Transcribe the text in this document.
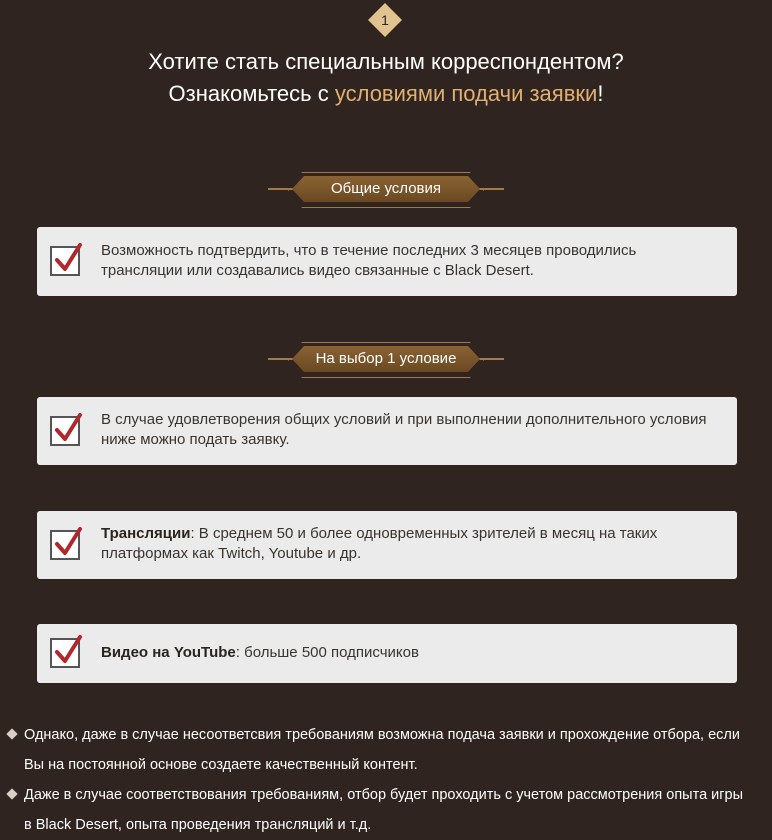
1
Хотите стать специальным корреспондентом?
Ознакомьтесь с условиями подачи заявки!
Общие условия
Возможность подтвердить, что в течение последних 3 месяцев проводились трансляции или создавались видео связанные с Black Desert.
На выбор 1 условие
В случае удовлетворения общих условий и при выполнении дополнительного условия ниже можно подать заявку.
Трансляции: В среднем 50 и более одновременных зрителей в месяц на таких платформах как Twitch, Youtube и др.
Видео на YouTube: больше 500 подписчиков
Однако, даже в случае несоответсвия требованиям возможна подача заявки и прохождение отбора, если Вы на постоянной основе создаете качественный контент.
Даже в случае соответствования требованиям, отбор будет проходить с учетом рассмотрения опыта игры в Black Desert, опыта проведения трансляций и т.д.
